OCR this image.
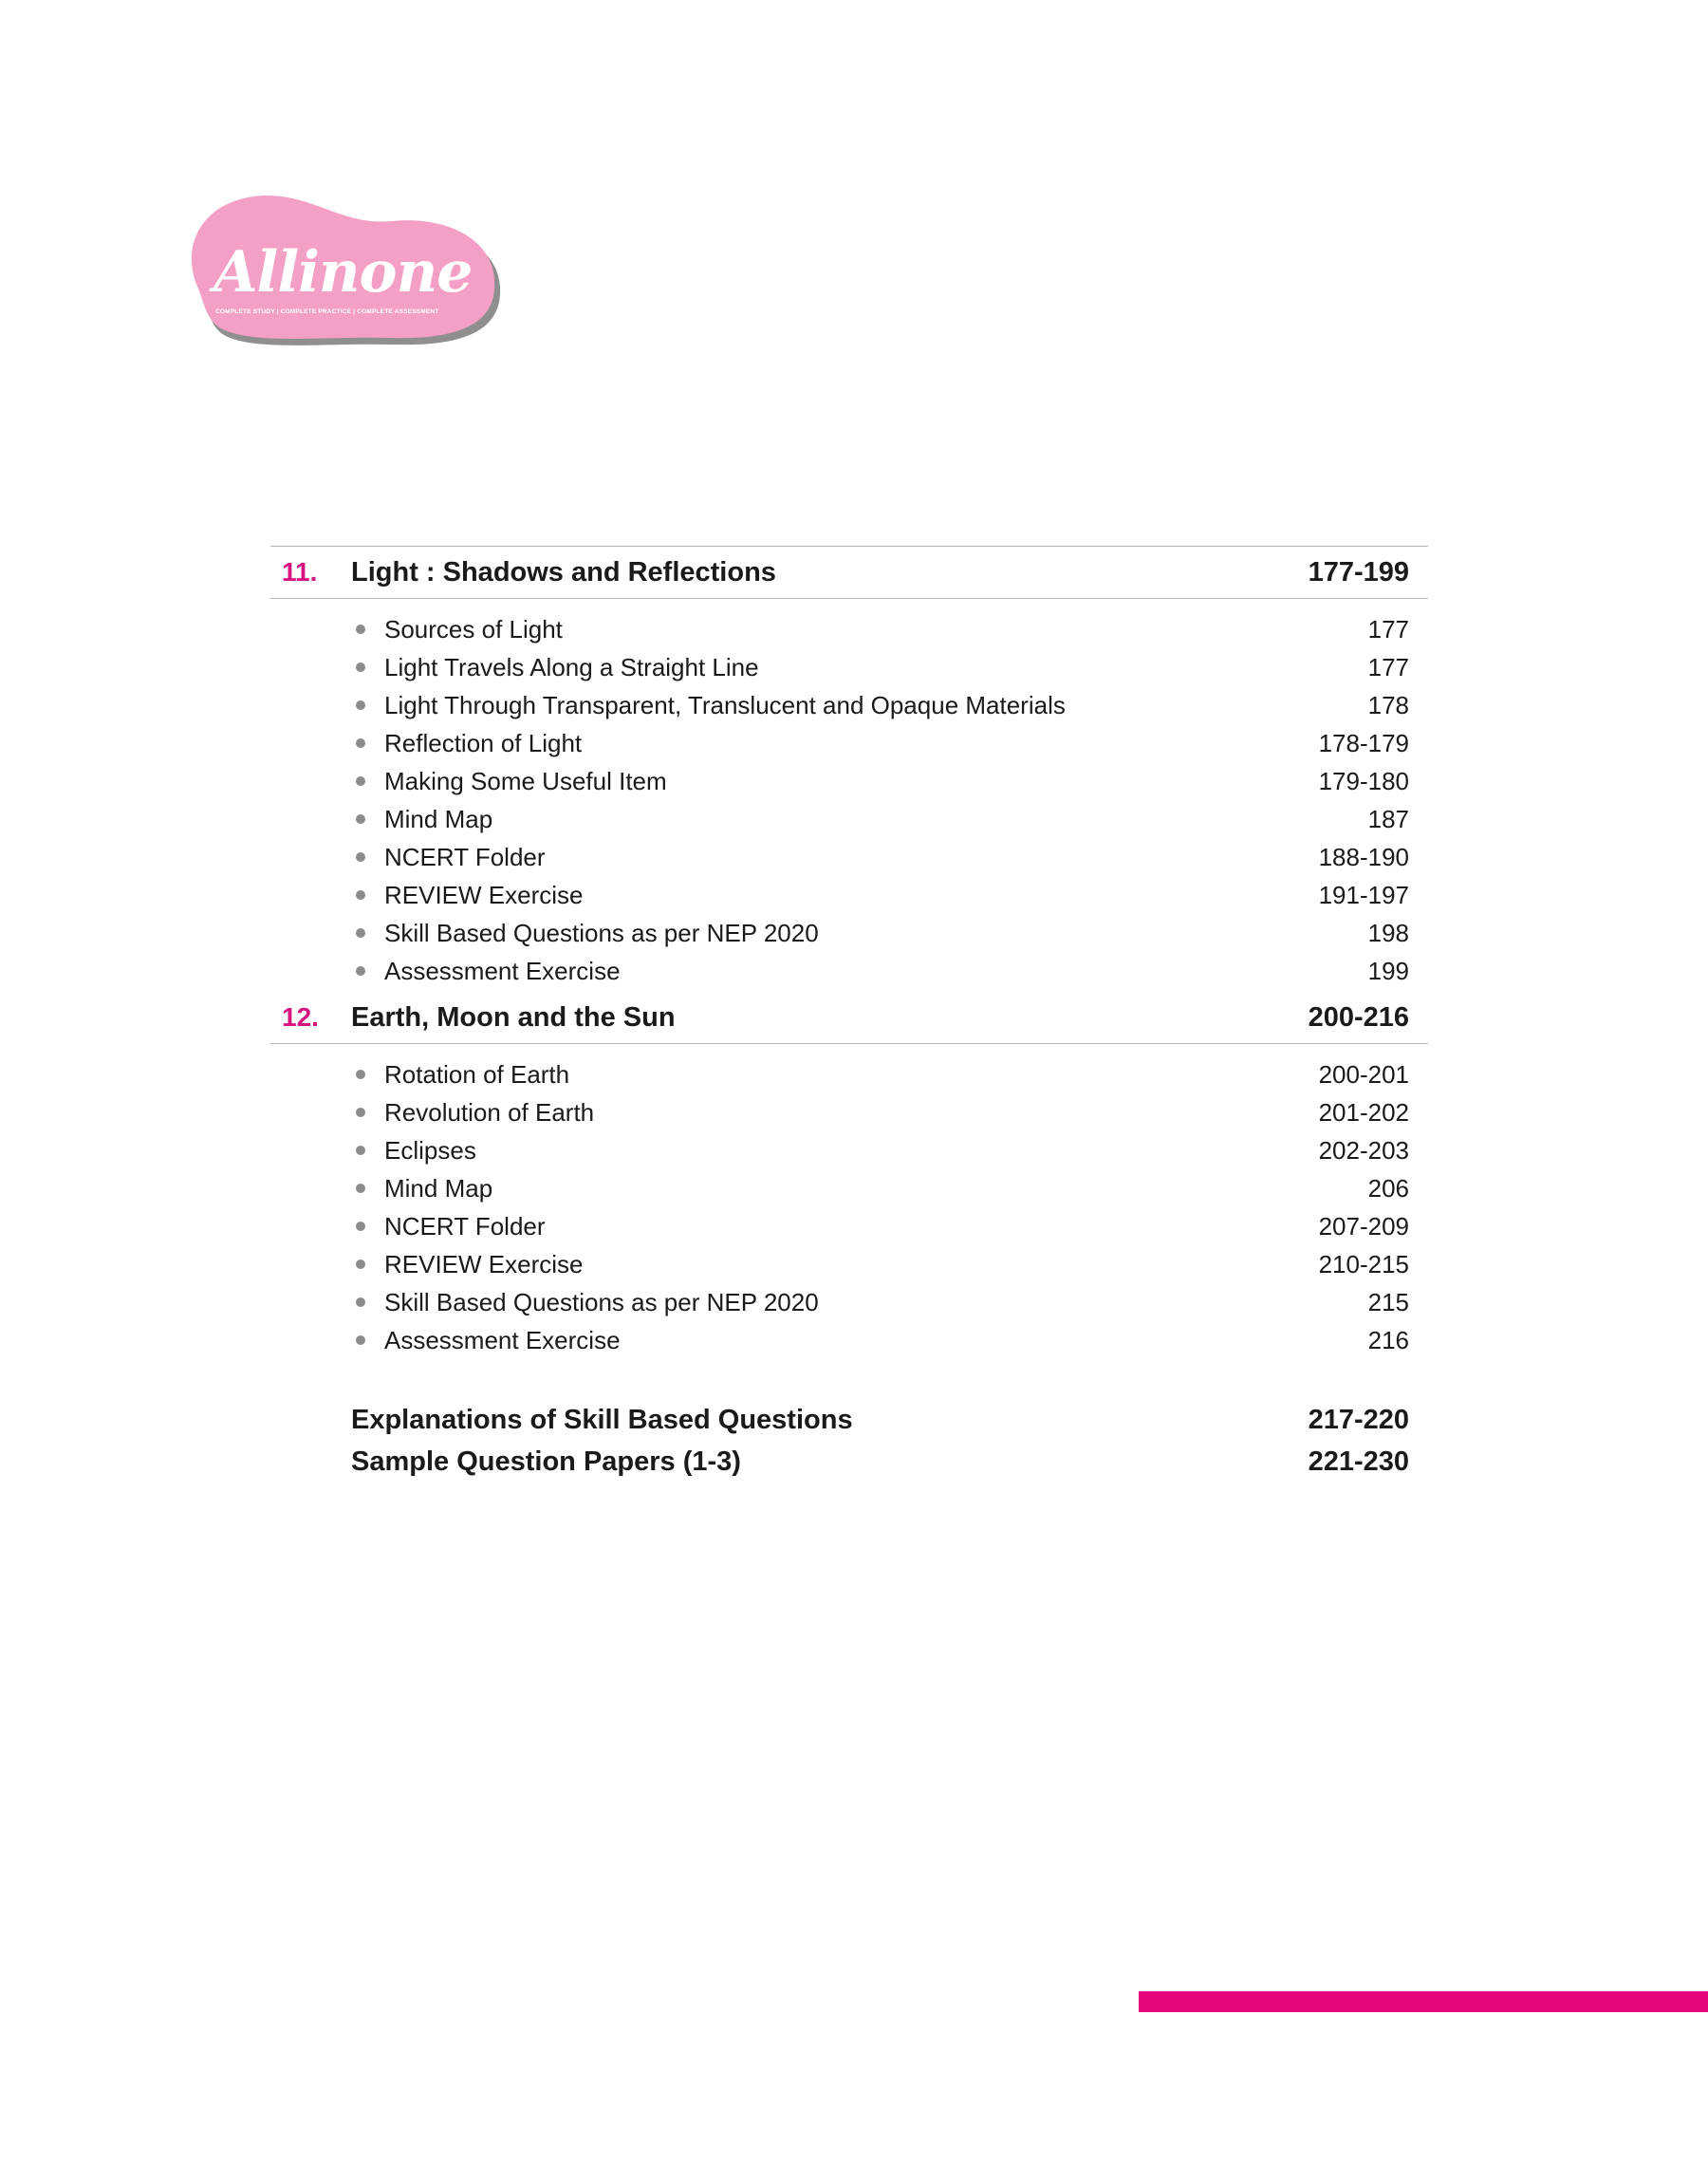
Allinone
COMPLETE STUDY | COMPLETE PRACTICE | COMPLETE ASSESSMENT
11.	Light : Shadows and Reflections	177-199
Sources of Light	177
Light Travels Along a Straight Line	177
Light Through Transparent, Translucent and Opaque Materials	178
Reflection of Light	178-179
Making Some Useful Item	179-180
Mind Map	187
NCERT Folder	188-190
REVIEW Exercise	191-197
Skill Based Questions as per NEP 2020	198
Assessment Exercise	199
12.	Earth, Moon and the Sun	200-216
Rotation of Earth	200-201
Revolution of Earth	201-202
Eclipses	202-203
Mind Map	206
NCERT Folder	207-209
REVIEW Exercise	210-215
Skill Based Questions as per NEP 2020	215
Assessment Exercise	216
Explanations of Skill Based Questions	217-220
Sample Question Papers (1-3)	221-230
